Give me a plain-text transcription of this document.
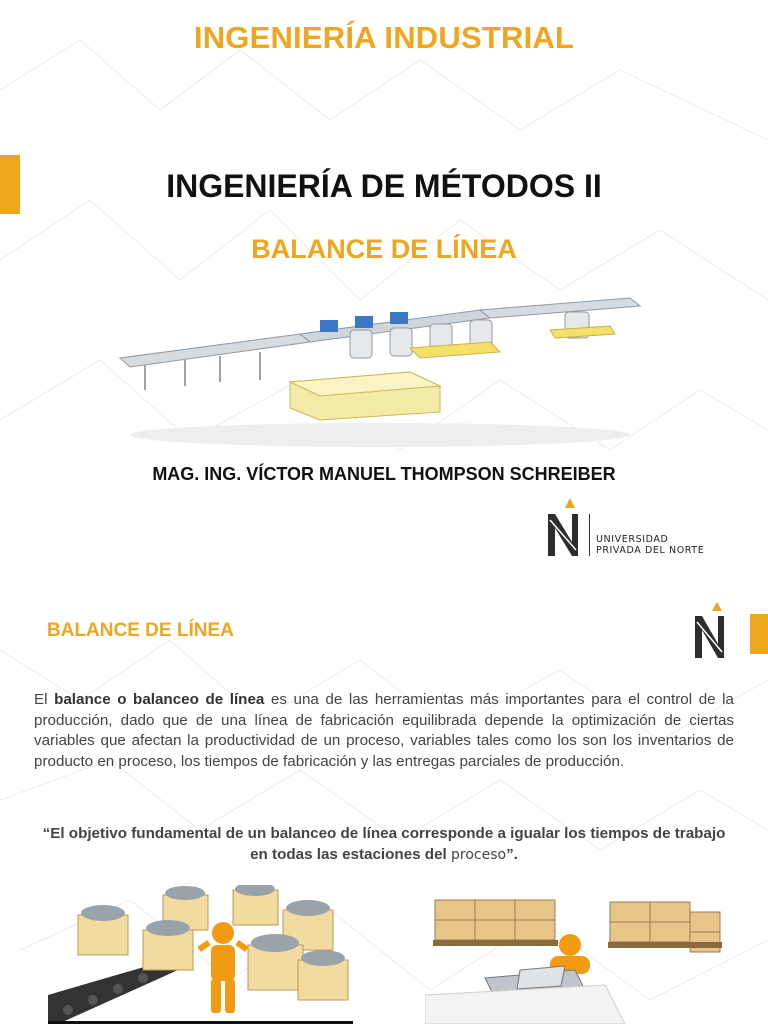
INGENIERÍA INDUSTRIAL
INGENIERÍA DE MÉTODOS II
BALANCE DE LÍNEA
MAG. ING. VÍCTOR MANUEL THOMPSON SCHREIBER
UNIVERSIDAD
PRIVADA DEL NORTE
BALANCE DE LÍNEA

El balance o balanceo de línea es una de las herramientas más importantes para el control de la producción, dado que de una línea de fabricación equilibrada depende la optimización de ciertas variables que afectan la productividad de un proceso, variables tales como los son los inventarios de producto en proceso, los tiempos de fabricación y las entregas parciales de producción.

“El objetivo fundamental de un balanceo de línea corresponde a igualar los tiempos de trabajo en todas las estaciones del proceso”.
